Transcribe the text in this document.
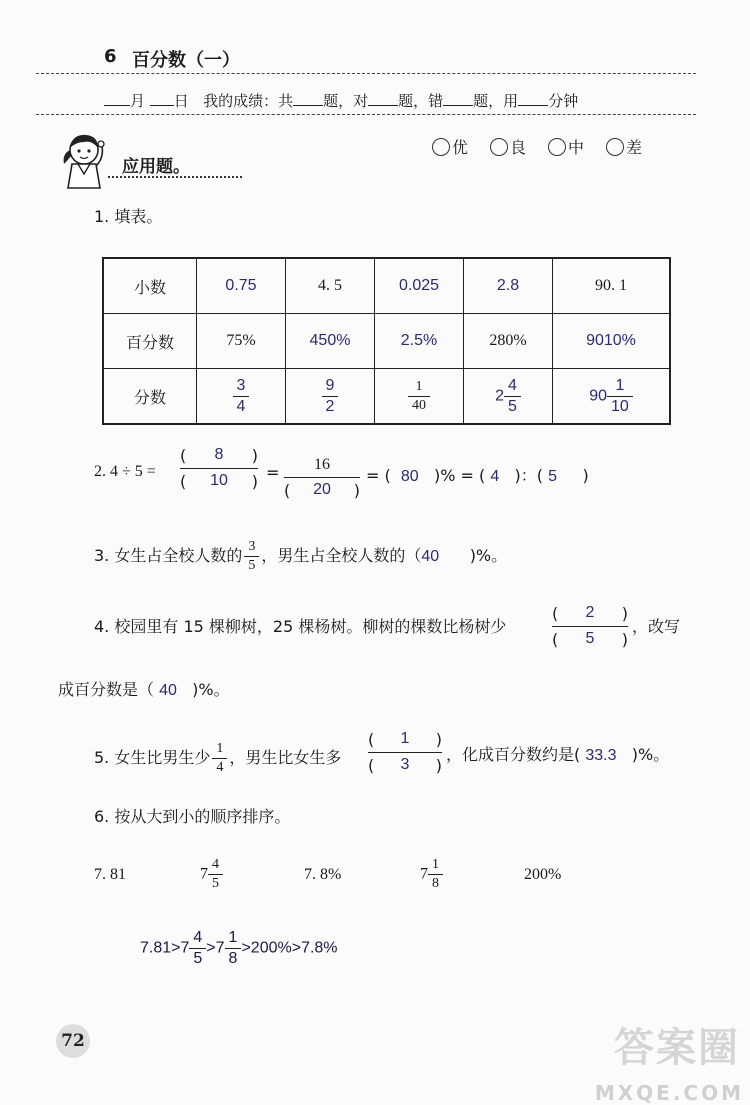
6 百分数（一）
月 日 我的成绩：共 题，对 题，错 题，用 分钟
应用题。
优	良	中	差
1. 填表。
小数	0.75	4. 5	0.025	2.8	90. 1
百分数	75%	450%	2.5%	280%	9010%
分数	$\frac{3}{4}$	$\frac{9}{2}$	$\frac{1}{40}$	$2 \frac{4}{5}$	$90 \frac{1}{10}$
2. 4 ÷ 5 =
( 8 )
( 10 ) =	16
( 20 )
= ( 80 )% = ( 4 )：( 5 )
3. 女生占全校人数的 $\frac{3}{5}$ ，男生占全校人数的（40 )%。
4. 校园里有 15 棵柳树，25 棵杨树。柳树的棵数比杨树少
( 2 )
( 5 )
，改写
成百分数是（ 40 )%。
5. 女生比男生少 $\frac{1}{4}$ ，男生比女生多
( 1 )
( 3 )
，化成百分数约是( 33.3 )%。
6. 按从大到小的顺序排序。
7. 81	$7 \frac{4}{5}$	7. 8%	$7 \frac{1}{8}$	200%
$7.81>7 \frac{4}{5} >7 \frac{1}{8} >200\%>7.8\%$
72	答案圈
MXQE.COM
